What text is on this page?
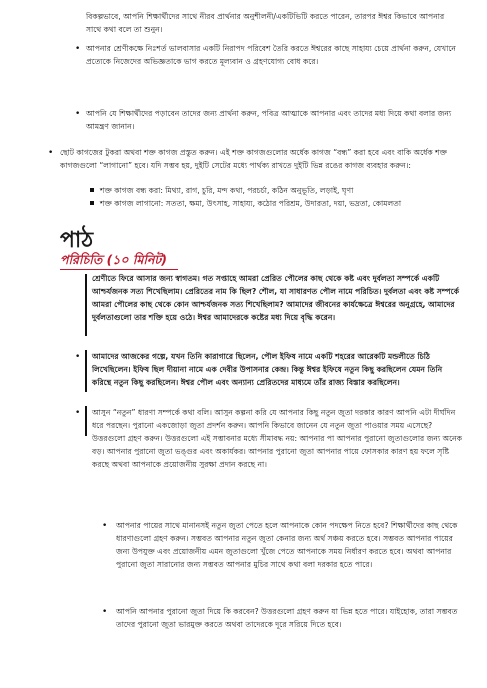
বিকল্পভাবে, আপনি শিক্ষার্থীদের সাথে নীরব প্রার্থনার অনুশীলনী/একটিভিটি করতে পারেন, তারপর ঈশ্বর কিভাবে আপনার সাথে কথা বলে তা শুনুন।

• আপনার শ্রেণীকক্ষে নিঃশর্ত ভালবাসার একটি নিরাপদ পরিবেশ তৈরি করতে ঈশ্বরের কাছে সাহায্য চেয়ে প্রার্থনা করুন, যেখানে প্রত্যেকে নিজেদের অভিজ্ঞতাকে ভাগ করতে মূল্যবান ও গ্রহণযোগ্য বোধ করে।

• আপনি যে শিক্ষার্থীদের পড়াবেন তাদের জন্য প্রার্থনা করুন, পবিত্র আত্মাকে আপনার এবং তাদের মধ্য দিয়ে কথা বলার জন্য আমন্ত্রণ জানান।

• ছোট কাগজের টুকরা অথবা শক্ত কাগজ প্রস্তুত করুন। এই শক্ত কাগজগুলোর অর্ধেক কাগজ “বন্ধ” করা হবে এবং বাকি অর্ধেক শক্ত কাগজগুলো “লাগানো” হবে। যদি সম্ভব হয়, দুইটি সেটের মধ্যে পার্থক্য রাখতে দুইটি ভিন্ন রঙের কাগজ ব্যবহার করুন।:

শক্ত কাগজ বন্ধ করা: মিথ্যা, রাগ, চুরি, মন্দ কথা, পরচর্চা, কঠিন অনুভূতি, লড়াই, ঘৃণা

শক্ত কাগজ লাগানো: সততা, ক্ষমা, উৎসাহ, সাহায্য, কঠোর পরিশ্রম, উদারতা, দয়া, ভদ্রতা, কোমলতা

পাঠ
পরিচিতি (১০ মিনিট)

শ্রেণীতে ফিরে আসার জন্য স্বাগতম। গত সপ্তাহে আমরা প্রেরিত পৌলের কাছ থেকে কষ্ট এবং দুর্বলতা সম্পর্কে একটি আশ্চর্যজনক সত্য শিখেছিলাম। প্রেরিতের নাম কি ছিল? শৌল, যা সাধারণত পৌল নামে পরিচিত। দুর্বলতা এবং কষ্ট সম্পর্কে আমরা পৌলের কাছ থেকে কোন আশ্চর্যজনক সত্য শিখেছিলাম? আমাদের জীবনের কার্যক্ষেত্রে ঈশ্বরের অনুগ্রহে, আমাদের দুর্বলতাগুলো তার শক্তি হয়ে ওঠে। ঈশ্বর আমাদেরকে কষ্টের মধ্য দিয়ে বৃদ্ধি করেন।

• আমাদের আজকের গল্পে, যখন তিনি কারাগারে ছিলেন, পৌল ইফিষ নামে একটি শহরের আরেকটি মন্ডলীতে চিঠি লিখেছিলেন। ইফিষ ছিল দীয়ানা নামে এক দেবীর উপাসনার কেন্দ্র। কিন্তু ঈশ্বর ইফিষে নতুন কিছু করছিলেন যেমন তিনি করিন্থে নতুন কিছু করছিলেন। ঈশ্বর পৌল এবং অন্যান্য প্রেরিতদের মাধ্যমে তাঁর রাজ্য বিস্তার করছিলেন।

• আসুন “নতুন” ধারণা সম্পর্কে কথা বলি। আসুন কল্পনা করি যে আপনার কিছু নতুন জুতা দরকার কারণ আপনি এটা দীর্ঘদিন ধরে পরছেন। পুরানো একজোড়া জুতা প্রদর্শন করুন। আপনি কিভাবে জানেন যে নতুন জুতা পাওয়ার সময় এসেছে? উত্তরগুলো গ্রহণ করুন। উত্তরগুলো এই সম্ভাবনার মধ্যে সীমাবদ্ধ নয়: আপনার পা আপনার পুরানো জুতাগুলোর জন্য অনেক বড়। আপনার পুরানো জুতা ভঙ্গুর এবং অকার্যকর। আপনার পুরানো জুতা আপনার পায়ে ফোসকার কারণ হয় ফলে সৃষ্টি করছে অথবা আপনাকে প্রয়োজনীয় সুরক্ষা প্রদান করছে না।

• আপনার পায়ের সাথে মানানসই নতুন জুতা পেতে হলে আপনাকে কোন পদক্ষেপ নিতে হবে? শিক্ষার্থীদের কাছ থেকে ধারণাগুলো গ্রহণ করুন। সম্ভবত আপনার নতুন জুতা কেনার জন্য অর্থ সঞ্চয় করতে হবে। সম্ভবত আপনার পায়ের জন্য উপযুক্ত এবং প্রয়োজনীয় এমন জুতাগুলো খুঁজে পেতে আপনাকে সময় নির্ধারণ করতে হবে। অথবা আপনার পুরানো জুতা সারানোর জন্য সম্ভবত আপনার মুচির সাথে কথা বলা দরকার হতে পারে।

• আপনি আপনার পুরানো জুতা দিয়ে কি করবেন? উত্তরগুলো গ্রহণ করুন যা ভিন্ন হতে পারে। যাইহোক, তারা সম্ভবত তাদের পুরানো জুতা ভারমুক্ত করতে অথবা তাদেরকে দূরে সরিয়ে দিতে হবে।
